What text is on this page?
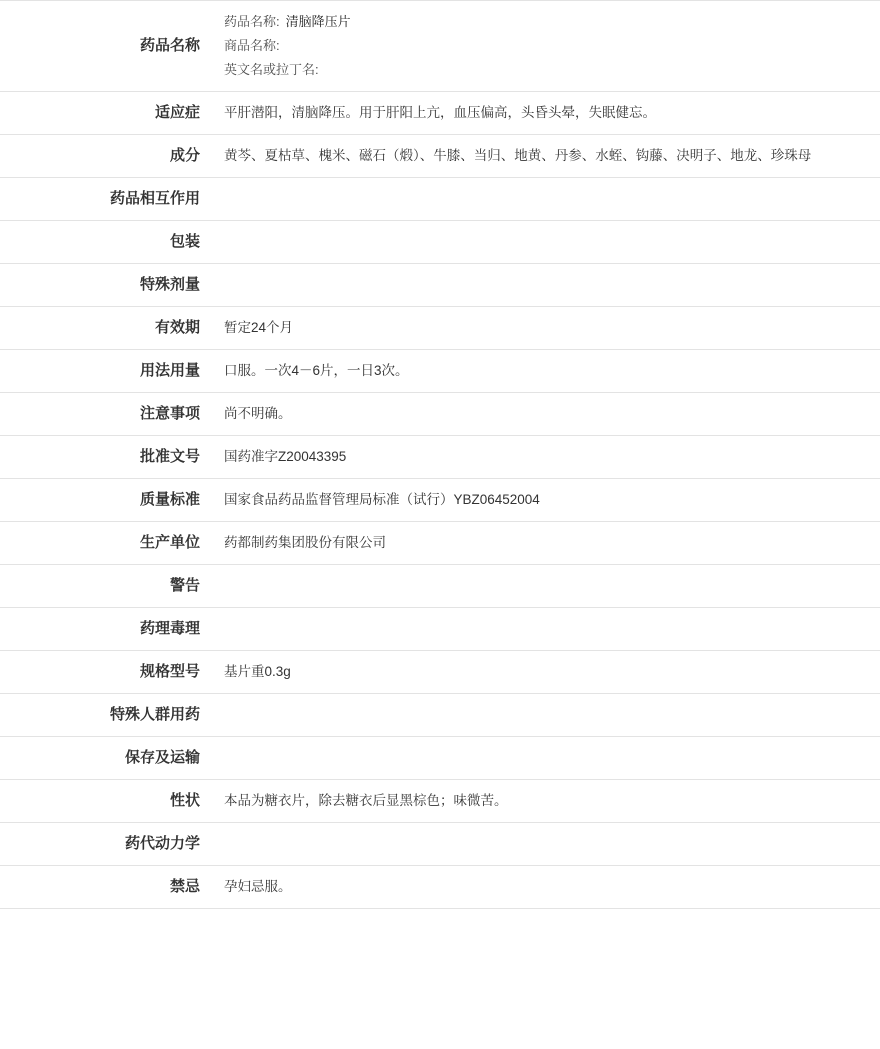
药品名称	药品名称: 清脑降压片
商品名称:
英文名或拉丁名:

适应症	平肝潜阳，清脑降压。用于肝阳上亢，血压偏高，头昏头晕，失眠健忘。
成分	黄芩、夏枯草、槐米、磁石（煅）、牛膝、当归、地黄、丹参、水蛭、钩藤、决明子、地龙、珍珠母
药品相互作用	
包装	
特殊剂量	
有效期	暂定24个月
用法用量	口服。一次4－6片，一日3次。
注意事项	尚不明确。
批准文号	国药准字Z20043395
质量标准	国家食品药品监督管理局标准（试行）YBZ06452004
生产单位	药都制药集团股份有限公司
警告	
药理毒理	
规格型号	基片重0.3g
特殊人群用药	
保存及运输	
性状	本品为糖衣片，除去糖衣后显黑棕色；味微苦。
药代动力学	
禁忌	孕妇忌服。
